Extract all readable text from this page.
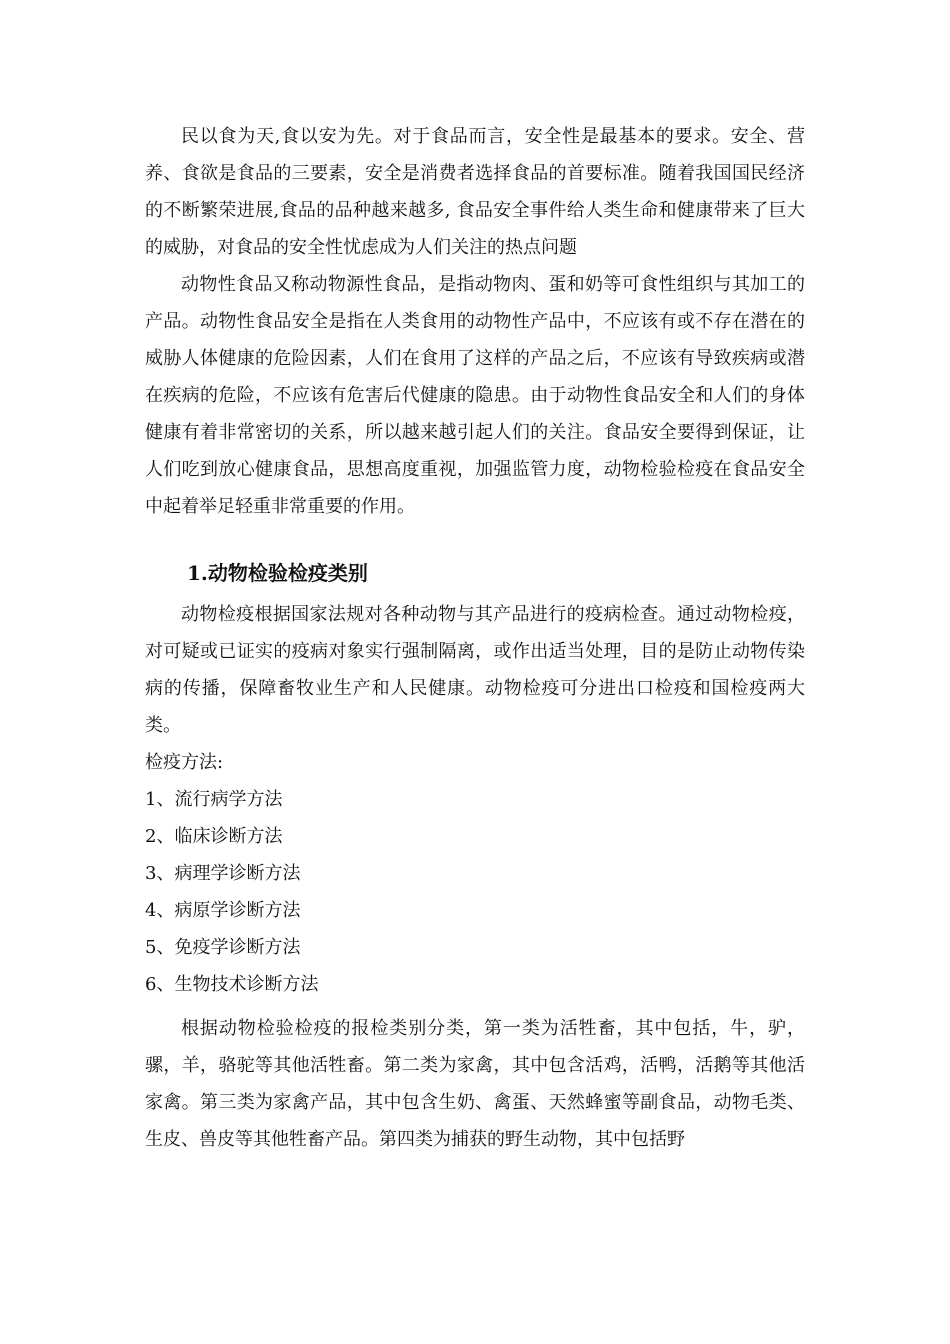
民以食为天,食以安为先。对于食品而言，安全性是最基本的要求。安全、营养、食欲是食品的三要素，安全是消费者选择食品的首要标准。随着我国国民经济的不断繁荣进展,食品的品种越来越多, 食品安全事件给人类生命和健康带来了巨大的威胁，对食品的安全性忧虑成为人们关注的热点问题

动物性食品又称动物源性食品，是指动物肉、蛋和奶等可食性组织与其加工的产品。动物性食品安全是指在人类食用的动物性产品中，不应该有或不存在潜在的威胁人体健康的危险因素，人们在食用了这样的产品之后，不应该有导致疾病或潜在疾病的危险，不应该有危害后代健康的隐患。由于动物性食品安全和人们的身体健康有着非常密切的关系，所以越来越引起人们的关注。食品安全要得到保证，让人们吃到放心健康食品，思想高度重视，加强监管力度，动物检验检疫在食品安全中起着举足轻重非常重要的作用。

1.动物检验检疫类别

动物检疫根据国家法规对各种动物与其产品进行的疫病检查。通过动物检疫，对可疑或已证实的疫病对象实行强制隔离，或作出适当处理，目的是防止动物传染病的传播，保障畜牧业生产和人民健康。动物检疫可分进出口检疫和国检疫两大类。

检疫方法:

1、流行病学方法

2、临床诊断方法

3、病理学诊断方法

4、病原学诊断方法

5、免疫学诊断方法

6、生物技术诊断方法

根据动物检验检疫的报检类别分类，第一类为活牲畜，其中包括，牛，驴，骡，羊，骆驼等其他活牲畜。第二类为家禽，其中包含活鸡，活鸭，活鹅等其他活家禽。第三类为家禽产品，其中包含生奶、禽蛋、天然蜂蜜等副食品，动物毛类、生皮、兽皮等其他牲畜产品。第四类为捕获的野生动物，其中包括野
